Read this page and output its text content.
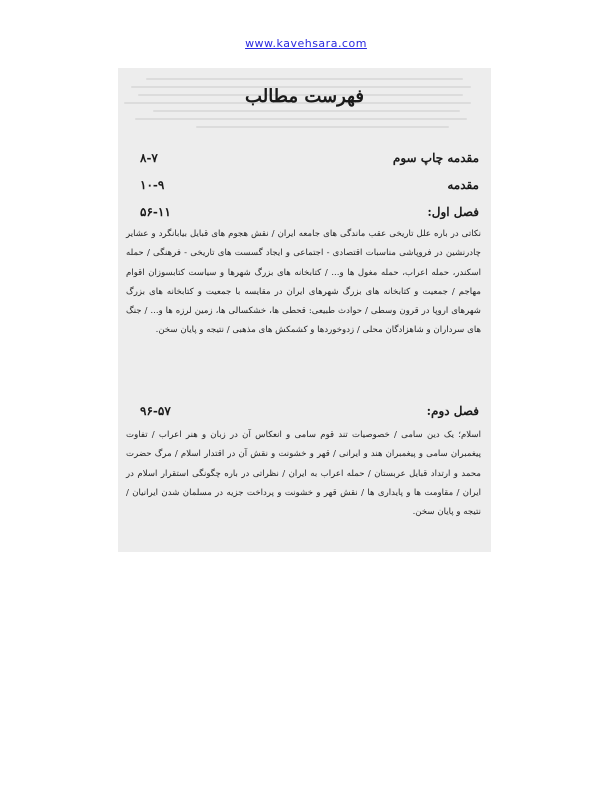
www.kavehsara.com
فهرست مطالب
مقدمه چاپ سوم
۸-۷
مقدمه
۱۰-۹
فصل اول:
۵۶-۱۱
نکاتی در باره علل تاریخی عقب ماندگی های جامعه ایران / نقش هجوم های قبایل بیابانگرد و عشایر چادرنشین در فروپاشی مناسبات اقتصادی - اجتماعی و ایجاد گسست های تاریخی - فرهنگی / حمله اسکندر، حمله اعراب، حمله مغول ها و... / کتابخانه های بزرگ شهرها و سیاست کتابسوزان اقوام مهاجم / جمعیت و کتابخانه های بزرگ شهرهای ایران در مقایسه با جمعیت و کتابخانه های بزرگ شهرهای اروپا در قرون وسطی / حوادث طبیعی: قحطی ها، خشکسالی ها، زمین لرزه ها و... / جنگ های سرداران و شاهزادگان محلی / زدوخوردها و کشمکش های مذهبی / نتیجه و پایان سخن.
فصل دوم:
۹۶-۵۷
اسلام؛ یک دین سامی / خصوصیات تند قوم سامی و انعکاس آن در زبان و هنر اعراب / تفاوت پیغمبران سامی و پیغمبران هند و ایرانی / قهر و خشونت و نقش آن در اقتدار اسلام / مرگ حضرت محمد و ارتداد قبایل عربستان / حمله اعراب به ایران / نظراتی در باره چگونگی استقرار اسلام در ایران / مقاومت ها و پایداری ها / نقش قهر و خشونت و پرداخت جزیه در مسلمان شدن ایرانیان / نتیجه و پایان سخن.
